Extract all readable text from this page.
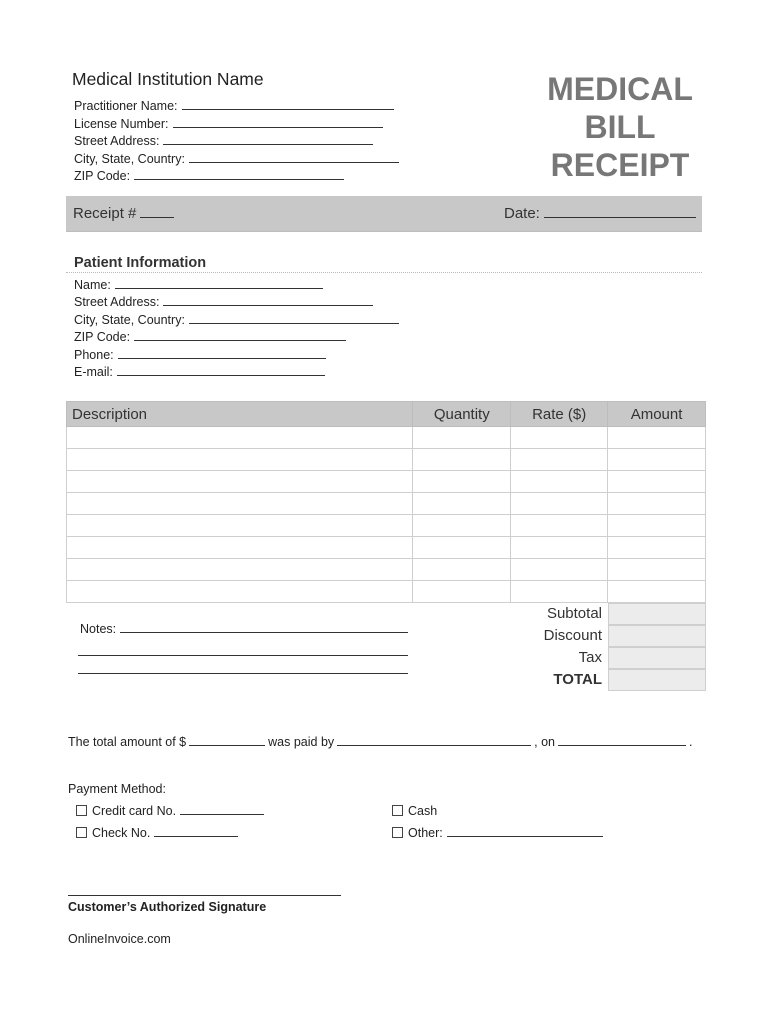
Medical Institution Name	MEDICAL
BILL
RECEIPT
Practitioner Name:
License Number:
Street Address:
City, State, Country:
ZIP Code:
Receipt #	Date:
Patient Information
Name:
Street Address:
City, State, Country:
ZIP Code:
Phone:
E-mail:
Description	Quantity	Rate ($)	Amount

Notes:
Subtotal
Discount
Tax
TOTAL
The total amount of $	was paid by	, on	.
Payment Method:
Credit card No.	Cash
Check No.	Other:
Customer’s Authorized Signature
OnlineInvoice.com
